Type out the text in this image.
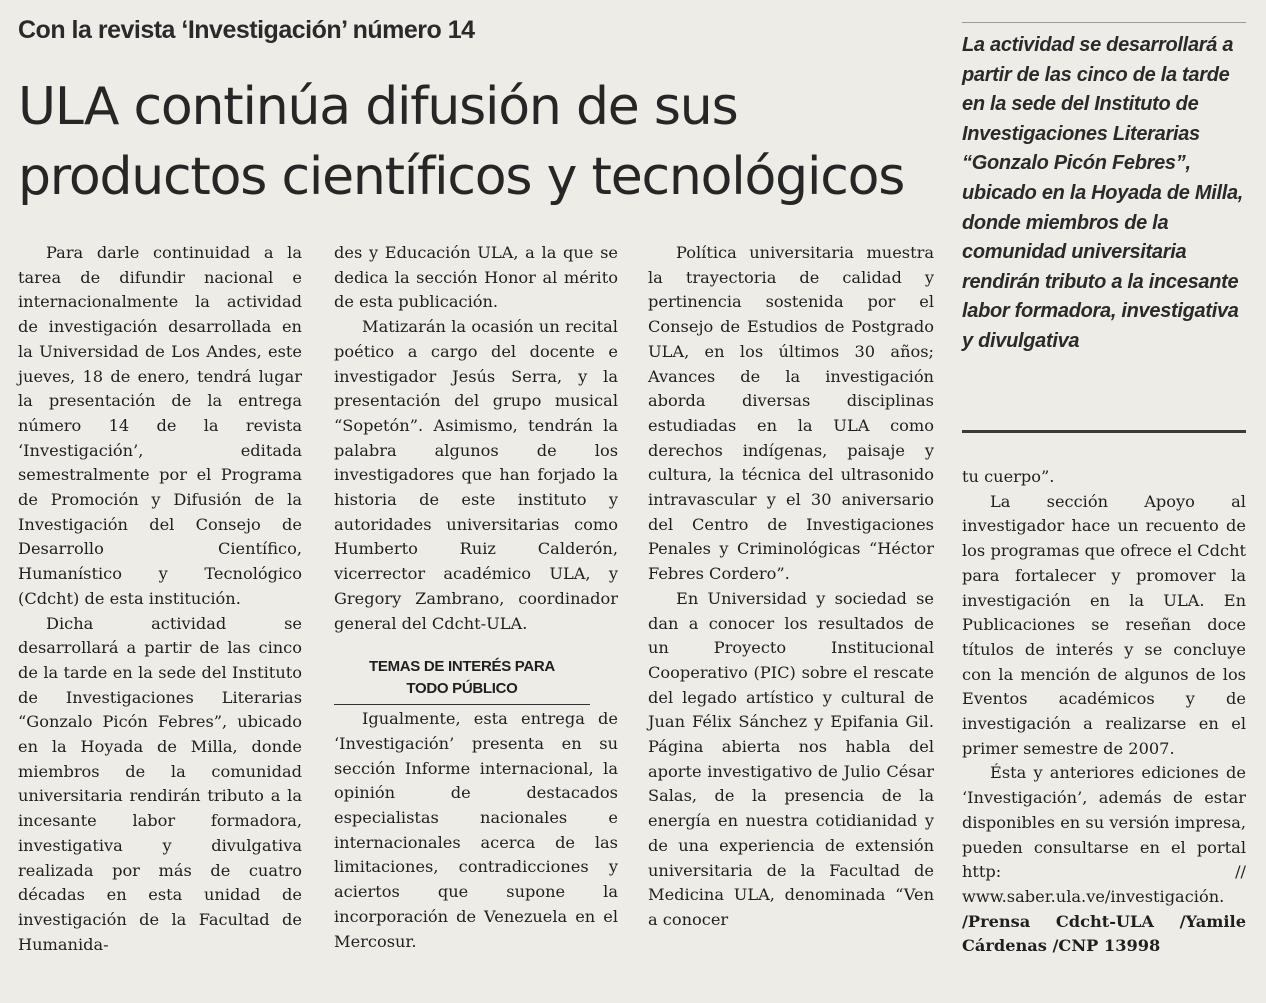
Con la revista ‘Investigación’ número 14
ULA continúa difusión de sus
productos científicos y tecnológicos
La actividad se desarrollará a partir de las cinco de la tarde en la sede del Instituto de Investigaciones Literarias “Gonzalo Picón Febres”, ubicado en la Hoyada de Milla, donde miembros de la comunidad universitaria rendirán tributo a la incesante labor formadora, investigativa y divulgativa

Para darle continuidad a la tarea de difundir nacional e internacionalmente la actividad de investigación desarrollada en la Universidad de Los Andes, este jueves, 18 de enero, tendrá lugar la presentación de la entrega número 14 de la revista ‘Investigación’, editada semestralmente por el Programa de Promoción y Difusión de la Investigación del Consejo de Desarrollo Científico, Humanístico y Tecnológico (Cdcht) de esta institución.

Dicha actividad se desarrollará a partir de las cinco de la tarde en la sede del Instituto de Investigaciones Literarias “Gonzalo Picón Febres”, ubicado en la Hoyada de Milla, donde miembros de la comunidad universitaria rendirán tributo a la incesante labor formadora, investigativa y divulgativa realizada por más de cuatro décadas en esta unidad de investigación de la Facultad de Humanida-

des y Educación ULA, a la que se dedica la sección Honor al mérito de esta publicación.

Matizarán la ocasión un recital poético a cargo del docente e investigador Jesús Serra, y la presentación del grupo musical “Sopetón”. Asimismo, tendrán la palabra algunos de los investigadores que han forjado la historia de este instituto y autoridades universitarias como Humberto Ruiz Calderón, vicerrector académico ULA, y Gregory Zambrano, coordinador general del Cdcht-ULA.

TEMAS DE INTERÉS PARA
TODO PÚBLICO

Igualmente, esta entrega de ‘Investigación’ presenta en su sección Informe internacional, la opinión de destacados especialistas nacionales e internacionales acerca de las limitaciones, contradicciones y aciertos que supone la incorporación de Venezuela en el Mercosur.

Política universitaria muestra la trayectoria de calidad y pertinencia sostenida por el Consejo de Estudios de Postgrado ULA, en los últimos 30 años; Avances de la investigación aborda diversas disciplinas estudiadas en la ULA como derechos indígenas, paisaje y cultura, la técnica del ultrasonido intravascular y el 30 aniversario del Centro de Investigaciones Penales y Criminológicas “Héctor Febres Cordero”.

En Universidad y sociedad se dan a conocer los resultados de un Proyecto Institucional Cooperativo (PIC) sobre el rescate del legado artístico y cultural de Juan Félix Sánchez y Epifania Gil. Página abierta nos habla del aporte investigativo de Julio César Salas, de la presencia de la energía en nuestra cotidianidad y de una experiencia de extensión universitaria de la Facultad de Medicina ULA, denominada “Ven a conocer

tu cuerpo”.

La sección Apoyo al investigador hace un recuento de los programas que ofrece el Cdcht para fortalecer y promover la investigación en la ULA. En Publicaciones se reseñan doce títulos de interés y se concluye con la mención de algunos de los Eventos académicos y de investigación a realizarse en el primer semestre de 2007.

Ésta y anteriores ediciones de ‘Investigación’, además de estar disponibles en su versión impresa, pueden consultarse en el portal http: // www.saber.ula.ve/investigación. /Prensa Cdcht-ULA /Yamile Cárdenas /CNP 13998
